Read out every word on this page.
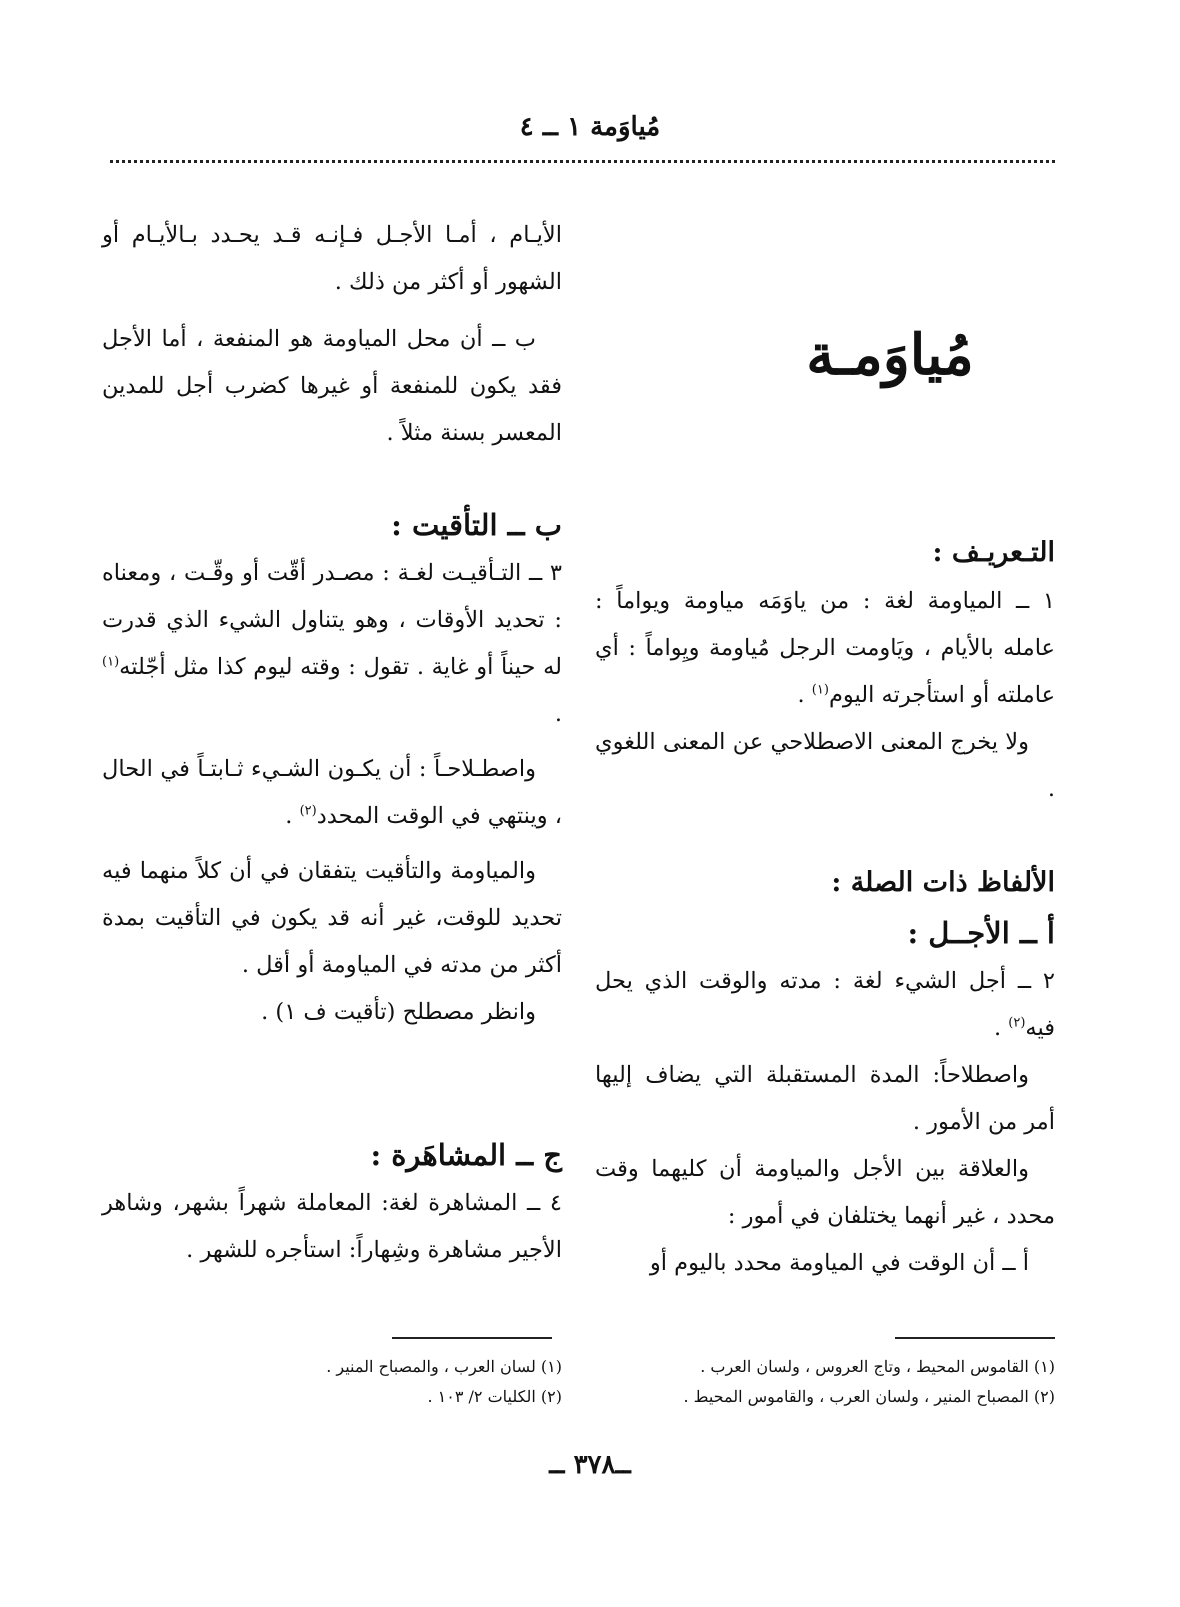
مُياوَمة ١ ــ ٤
مُياوَمـة
التـعريـف :

١ ــ المياومة لغة : من ياوَمَه مياومة ويواماً : عامله بالأيام ، ويَاومت الرجل مُياومة ويِواماً : أي عاملته أو استأجرته اليوم$^{(١)}$ .

ولا يخرج المعنى الاصطلاحي عن المعنى اللغوي .

الألفاظ ذات الصلة :
أ ــ الأجــل :

٢ ــ أجل الشيء لغة : مدته والوقت الذي يحل فيه$^{(٢)}$ .

واصطلاحاً: المدة المستقبلة التي يضاف إليها أمر من الأمور .

والعلاقة بين الأجل والمياومة أن كليهما وقت محدد ، غير أنهما يختلفان في أمور :

أ ــ أن الوقت في المياومة محدد باليوم أو

الأيـام ، أمـا الأجـل فـإنـه قـد يحـدد بـالأيـام أو الشهور أو أكثر من ذلك .

ب ــ أن محل المياومة هو المنفعة ، أما الأجل فقد يكون للمنفعة أو غيرها كضرب أجل للمدين المعسر بسنة مثلاً .

ب ــ التأقيت :

٣ ــ التـأقيـت لغـة : مصـدر أقّت أو وقّـت ، ومعناه : تحديد الأوقات ، وهو يتناول الشيء الذي قدرت له حيناً أو غاية . تقول : وقته ليوم كذا مثل أجّلته$^{(١)}$ .

واصطـلاحـاً : أن يكـون الشـيء ثـابتـاً في الحال ، وينتهي في الوقت المحدد$^{(٢)}$ .

والمياومة والتأقيت يتفقان في أن كلاً منهما فيه تحديد للوقت، غير أنه قد يكون في التأقيت بمدة أكثر من مدته في المياومة أو أقل .

وانظر مصطلح (تأقيت ف ١) .

ج ــ المشاهَرة :

٤ ــ المشاهرة لغة: المعاملة شهراً بشهر، وشاهر الأجير مشاهرة وشِهاراً: استأجره للشهر .

(١) القاموس المحيط ، وتاج العروس ، ولسان العرب .
(٢) المصباح المنير ، ولسان العرب ، والقاموس المحيط .
(١) لسان العرب ، والمصباح المنير .
(٢) الكليات ٢/ ١٠٣ .
ــ٣٧٨ ــ
